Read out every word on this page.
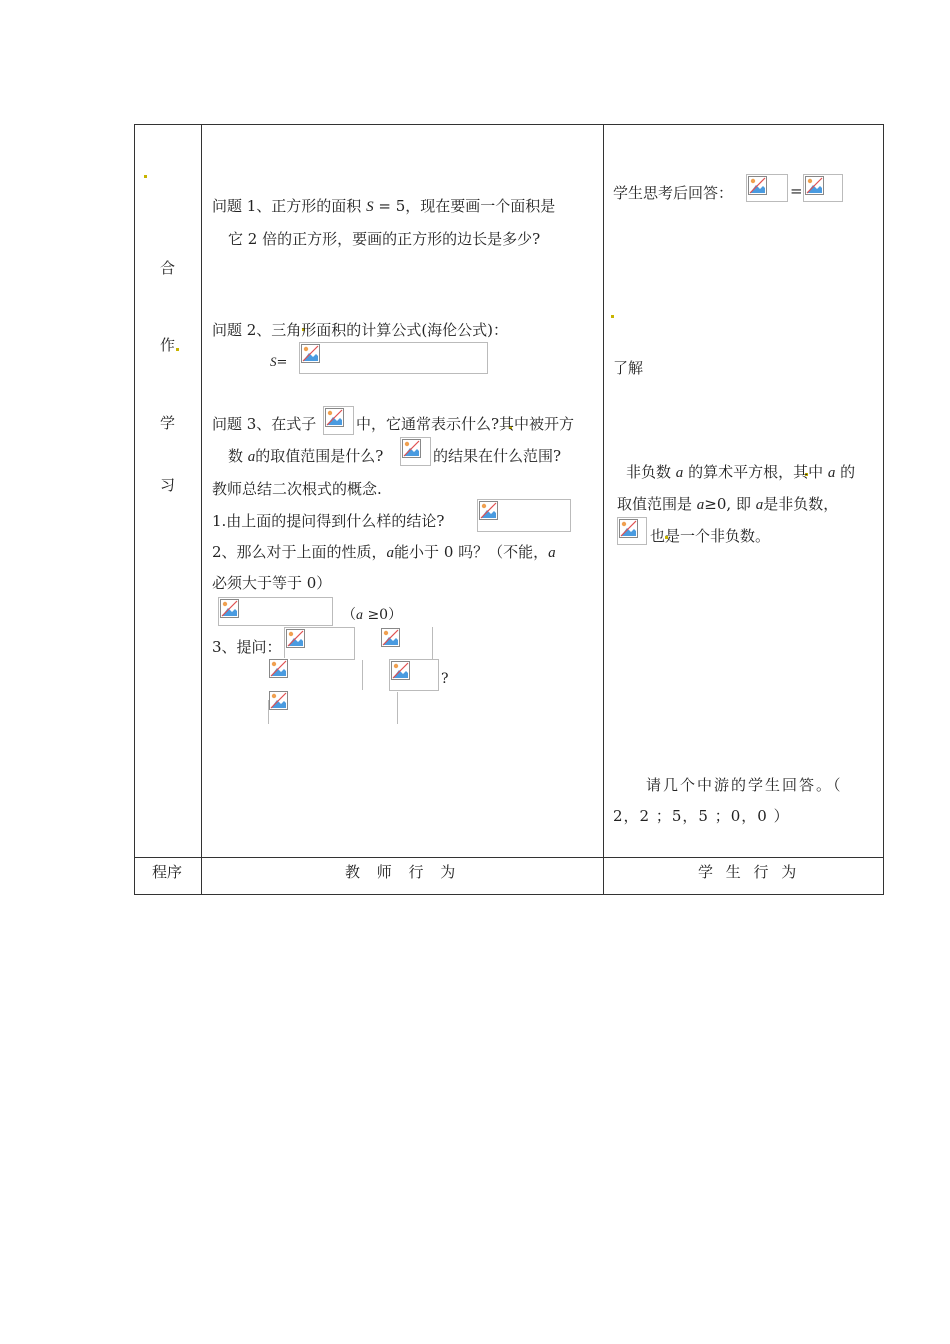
合
作
学
习
问题 1、正方形的面积 S = 5，现在要画一个面积是
它 2 倍的正方形，要画的正方形的边长是多少?
问题 2、三角形面积的计算公式(海伦公式)：
S=
问题 3、在式子	中，它通常表示什么?其中被开方
数 a的取值范围是什么?	的结果在什么范围?
教师总结二次根式的概念.
1.由上面的提问得到什么样的结论?
2、那么对于上面的性质，a能小于 0 吗？（不能，a
必须大于等于 0）
（a ≥0）
3、提问：
?
学生思考后回答：	=
了解
非负数 a 的算术平方根，其中 a 的
取值范围是 a≥0, 即 a是非负数，
也是一个非负数。
请几个中游的学生回答。（
2，2 ；5，5 ；0，0 ）
程序	教 师 行 为	学 生 行 为
